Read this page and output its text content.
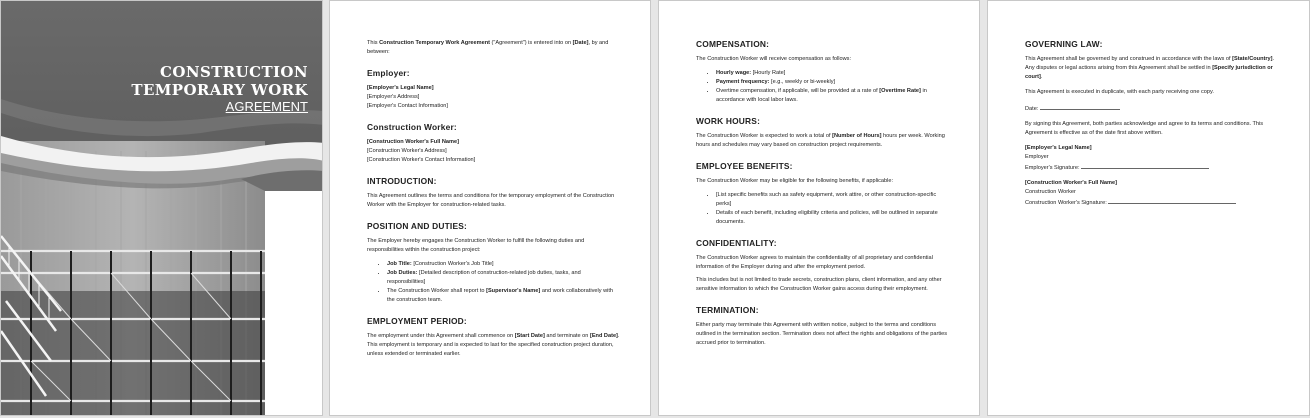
CONSTRUCTION
TEMPORARY WORK
AGREEMENT

This Construction Temporary Work Agreement ("Agreement") is entered into on [Date], by and between:

Employer:

[Employer's Legal Name]

[Employer's Address]

[Employer's Contact Information]

Construction Worker:

[Construction Worker's Full Name]

[Construction Worker's Address]

[Construction Worker's Contact Information]

INTRODUCTION:

This Agreement outlines the terms and conditions for the temporary employment of the Construction Worker with the Employer for construction-related tasks.

POSITION AND DUTIES:

The Employer hereby engages the Construction Worker to fulfill the following duties and responsibilities within the construction project:

• Job Title: [Construction Worker's Job Title]
• Job Duties: [Detailed description of construction-related job duties, tasks, and responsibilities]
• The Construction Worker shall report to [Supervisor's Name] and work collaboratively with the construction team.
EMPLOYMENT PERIOD:

The employment under this Agreement shall commence on [Start Date] and terminate on [End Date]. This employment is temporary and is expected to last for the specified construction project duration, unless extended or terminated earlier.

COMPENSATION:

The Construction Worker will receive compensation as follows:

• Hourly wage: [Hourly Rate]
• Payment frequency: [e.g., weekly or bi-weekly]
• Overtime compensation, if applicable, will be provided at a rate of [Overtime Rate] in accordance with local labor laws.
WORK HOURS:

The Construction Worker is expected to work a total of [Number of Hours] hours per week. Working hours and schedules may vary based on construction project requirements.

EMPLOYEE BENEFITS:

The Construction Worker may be eligible for the following benefits, if applicable:

• [List specific benefits such as safety equipment, work attire, or other construction-specific perks]
• Details of each benefit, including eligibility criteria and policies, will be outlined in separate documents.
CONFIDENTIALITY:

The Construction Worker agrees to maintain the confidentiality of all proprietary and confidential information of the Employer during and after the employment period.

This includes but is not limited to trade secrets, construction plans, client information, and any other sensitive information to which the Construction Worker gains access during their employment.

TERMINATION:

Either party may terminate this Agreement with written notice, subject to the terms and conditions outlined in the termination section. Termination does not affect the rights and obligations of the parties accrued prior to termination.

GOVERNING LAW:

This Agreement shall be governed by and construed in accordance with the laws of [State/Country]. Any disputes or legal actions arising from this Agreement shall be settled in [Specify jurisdiction or court].

This Agreement is executed in duplicate, with each party receiving one copy.

Date:

By signing this Agreement, both parties acknowledge and agree to its terms and conditions. This Agreement is effective as of the date first above written.

[Employer's Legal Name]

Employer

Employer's Signature:

[Construction Worker's Full Name]

Construction Worker

Construction Worker's Signature:
